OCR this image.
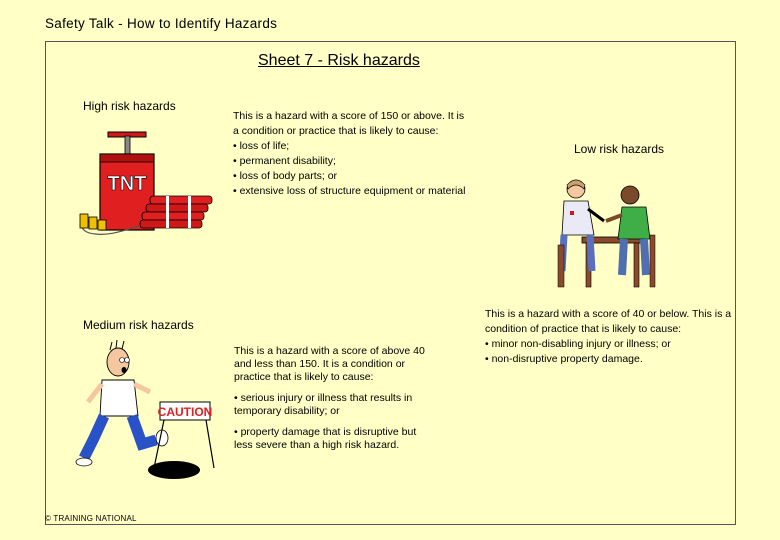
Safety Talk - How to Identify Hazards
Sheet 7 - Risk hazards
High risk hazards
TNT

This is a hazard with a score of 150 or above. It is a condition or practice that is likely to cause:

• loss of life;
• permanent disability;
• loss of body parts; or
• extensive loss of structure equipment or material
Low risk hazards

This is a hazard with a score of 40 or below. This is a condition of practice that is likely to cause:

• minor non-disabling injury or illness; or
• non-disruptive property damage.
Medium risk hazards
CAUTION

This is a hazard with a score of above 40 and less than 150. It is a condition or practice that is likely to cause:

• serious injury or illness that results in temporary disability; or

• property damage that is disruptive but less severe than a high risk hazard.

© TRAINING NATIONAL
